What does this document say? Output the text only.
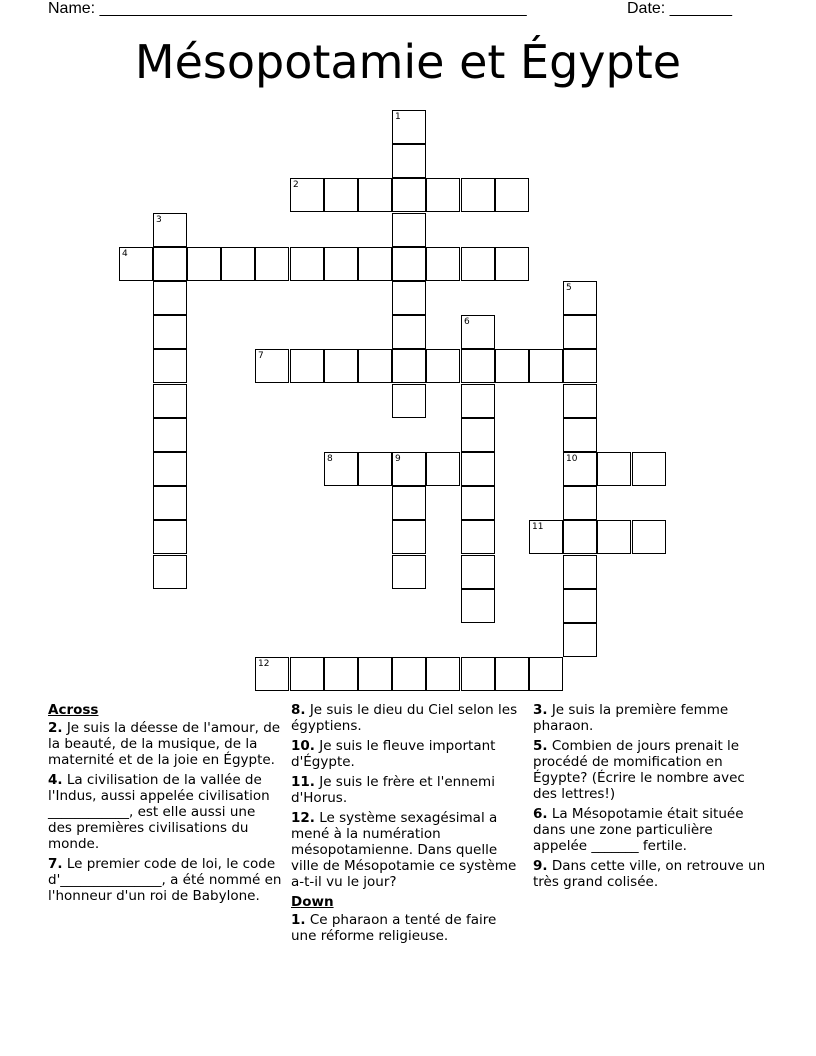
Name: ________________________________________________	Date: _______
Mésopotamie et Égypte
1
2
3
4
5
6
7
8	9	10
11
12
Across
2. Je suis la déesse de l'amour, de la beauté, de la musique, de la maternité et de la joie en Égypte.
4. La civilisation de la vallée de l'Indus, aussi appelée civilisation ____________, est elle aussi une des premières civilisations du monde.
7. Le premier code de loi, le code d'_______________, a été nommé en l'honneur d'un roi de Babylone.
8. Je suis le dieu du Ciel selon les égyptiens.
10. Je suis le fleuve important d'Égypte.
11. Je suis le frère et l'ennemi d'Horus.
12. Le système sexagésimal a mené à la numération mésopotamienne. Dans quelle ville de Mésopotamie ce système a-t-il vu le jour?
Down
1. Ce pharaon a tenté de faire une réforme religieuse.
3. Je suis la première femme pharaon.
5. Combien de jours prenait le procédé de momification en Égypte? (Écrire le nombre avec des lettres!)
6. La Mésopotamie était située dans une zone particulière appelée _______ fertile.
9. Dans cette ville, on retrouve un très grand colisée.
